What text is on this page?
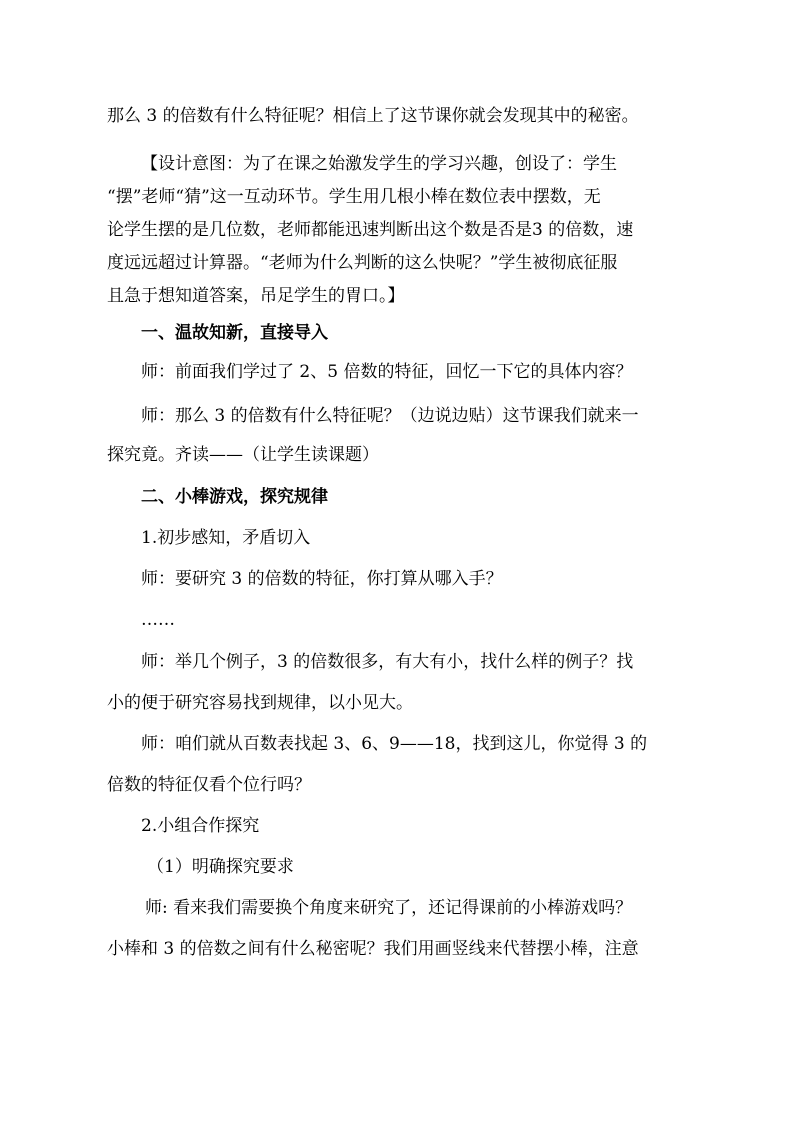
那么 3 的倍数有什么特征呢？相信上了这节课你就会发现其中的秘密。
【设计意图：为了在课之始激发学生的学习兴趣，创设了：学生
“摆”老师“猜”这一互动环节。学生用几根小棒在数位表中摆数，无
论学生摆的是几位数，老师都能迅速判断出这个数是否是3 的倍数，速
度远远超过计算器。“老师为什么判断的这么快呢？”学生被彻底征服
且急于想知道答案，吊足学生的胃口。】
一、温故知新，直接导入
师：前面我们学过了 2、5 倍数的特征，回忆一下它的具体内容？
师：那么 3 的倍数有什么特征呢？（边说边贴）这节课我们就来一
探究竟。齐读——（让学生读课题）
二、小棒游戏，探究规律
1.初步感知，矛盾切入
师：要研究 3 的倍数的特征，你打算从哪入手？
……
师：举几个例子，3 的倍数很多，有大有小，找什么样的例子？找
小的便于研究容易找到规律，以小见大。
师：咱们就从百数表找起 3、6、9——18，找到这儿，你觉得 3 的
倍数的特征仅看个位行吗？
2.小组合作探究
（1）明确探究要求
师: 看来我们需要换个角度来研究了，还记得课前的小棒游戏吗？
小棒和 3 的倍数之间有什么秘密呢？我们用画竖线来代替摆小棒，注意
